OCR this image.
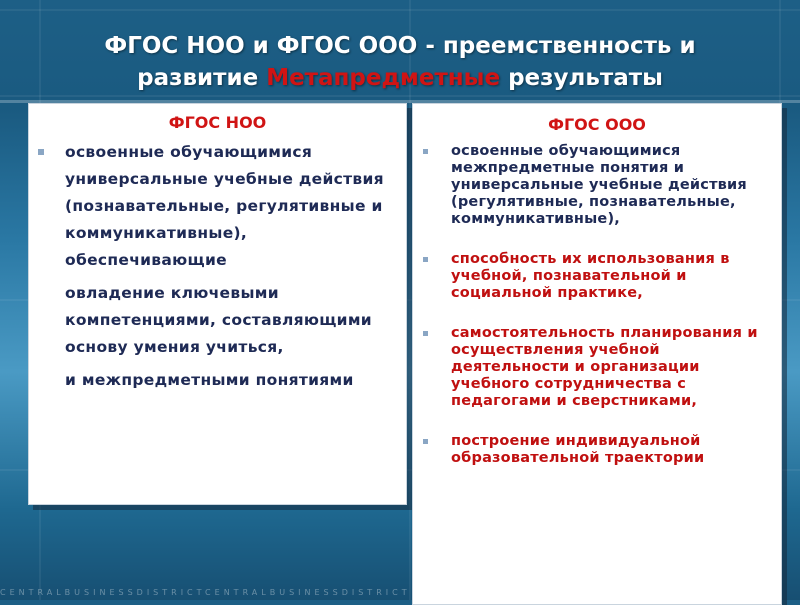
ФГОС НОО и ФГОС ООО - преемственность и
развитие Метапредметные результаты
ФГОС НОО
освоенные обучающимися универсальные учебные действия (познавательные, регулятивные и коммуникативные), обеспечивающие
овладение ключевыми компетенциями, составляющими основу умения учиться,
и межпредметными понятиями
ФГОС ООО
освоенные обучающимися межпредметные понятия и универсальные учебные действия (регулятивные, познавательные, коммуникативные),
способность их использования в учебной, познавательной и социальной практике,
самостоятельность планирования и осуществления учебной деятельности и организации учебного сотрудничества с педагогами и сверстниками,
построение индивидуальной образовательной траектории
CENTRALBUSINESSDISTRICTCENTRALBUSINESSDISTRICT
